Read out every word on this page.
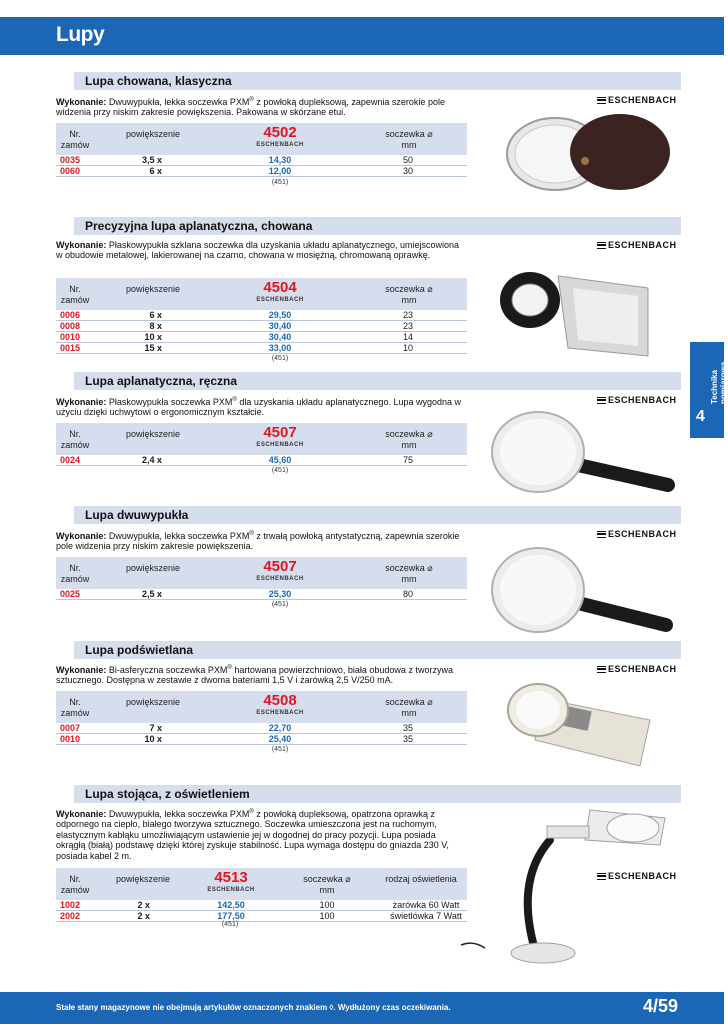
Lupy
Technika pomiarowa
4
Lupa chowana, klasyczna
Wykonanie: Dwuwypukła, lekka soczewka PXM® z powłoką dupleksową, zapewnia szerokie pole widzenia przy niskim zakresie powiększenia. Pakowana w skórzane etui.
ESCHENBACH
Nr.
zamów
powiększenie	4502
ESCHENBACH
soczewka ⌀
mm
0035	3,5 x	14,30	50
0060	6 x	12,00	30
(451)
Precyzyjna lupa aplanatyczna, chowana
Wykonanie: Płaskowypukła szklana soczewka dla uzyskania układu aplanatycznego, umiejscowiona w obudowie metalowej, lakierowanej na czarno, chowana w mosiężną, chromowaną oprawkę.
ESCHENBACH
Nr.
zamów
powiększenie	4504
ESCHENBACH
soczewka ⌀
mm
0006	6 x	29,50	23
0008	8 x	30,40	23
0010	10 x	30,40	14
0015	15 x	33,00	10
(451)
Lupa aplanatyczna, ręczna
Wykonanie: Płaskowypukła soczewka PXM® dla uzyskania układu aplanatycznego. Lupa wygodna w użyciu dzięki uchwytowi o ergonomicznym kształcie.
ESCHENBACH
Nr.
zamów
powiększenie	4507
ESCHENBACH
soczewka ⌀
mm
0024	2,4 x	45,60	75
(451)
Lupa dwuwypukła
Wykonanie: Dwuwypukła, lekka soczewka PXM® z trwałą powłoką antystatyczną, zapewnia szerokie pole widzenia przy niskim zakresie powiększenia.
ESCHENBACH
Nr.
zamów
powiększenie	4507
ESCHENBACH
soczewka ⌀
mm
0025	2,5 x	25,30	80
(451)
Lupa podświetlana
Wykonanie: Bi-asferyczna soczewka PXM® hartowana powierzchniowo, biała obudowa z tworzywa sztucznego. Dostępna w zestawie z dwoma bateriami 1,5 V i żarówką 2,5 V/250 mA.
ESCHENBACH
Nr.
zamów
powiększenie	4508
ESCHENBACH
soczewka ⌀
mm
0007	7 x	22,70	35
0010	10 x	25,40	35
(451)
Lupa stojąca, z oświetleniem
Wykonanie: Dwuwypukła, lekka soczewka PXM® z powłoką dupleksową, opatrzona oprawką z odpornego na ciepło, białego tworzywa sztucznego. Soczewka umieszczona jest na ruchomym, elastycznym kabłąku umożliwiającym ustawienie jej w dogodnej do pracy pozycji. Lupa posiada okrągłą (białą) podstawę dzięki której zyskuje stabilność. Lupa wymaga dostępu do gniazda 230 V, posiada kabel 2 m.
ESCHENBACH
Nr.
zamów
powiększenie	4513
ESCHENBACH
soczewka ⌀
mm
rodzaj oświetlenia
1002	2 x	142,50	100	żarówka 60 Watt
2002	2 x	177,50	100	świetlówka 7 Watt
(451)
Stałe stany magazynowe nie obejmują artykułów oznaczonych znakiem ◊. Wydłużony czas oczekiwania.	4/59
